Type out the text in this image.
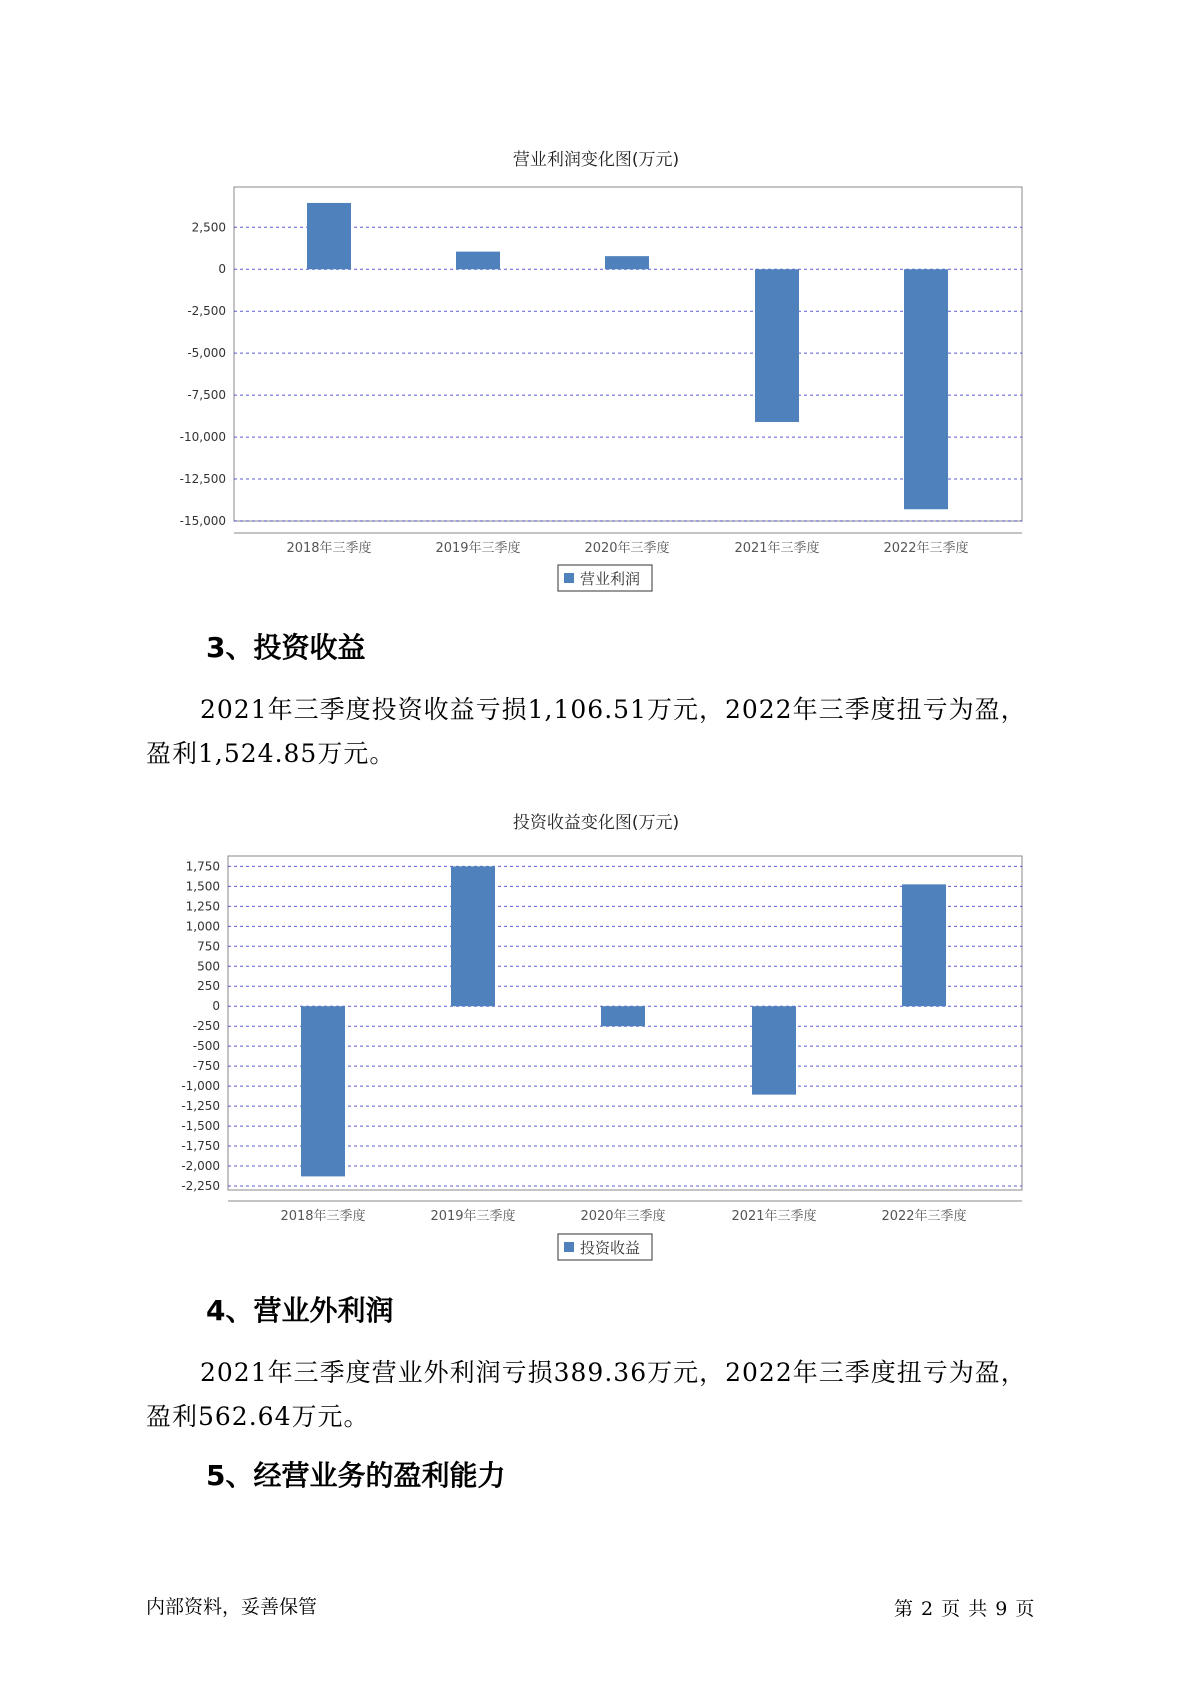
营业利润变化图(万元)
2,500
0
-2,500
-5,000
-7,500
-10,000
-12,500
-15,000
2018年三季度	2019年三季度	2020年三季度	2021年三季度	2022年三季度
营业利润
3、投资收益
2021年三季度投资收益亏损1,106.51万元，2022年三季度扭亏为盈，
盈利1,524.85万元。
投资收益变化图(万元)
1,750
1,500
1,250
1,000
750
500
250
0
-250
-500
-750
-1,000
-1,250
-1,500
-1,750
-2,000
-2,250
2018年三季度	2019年三季度	2020年三季度	2021年三季度	2022年三季度
投资收益
4、营业外利润
2021年三季度营业外利润亏损389.36万元，2022年三季度扭亏为盈，
盈利562.64万元。
5、经营业务的盈利能力
内部资料，妥善保管	第 2 页 共 9 页
